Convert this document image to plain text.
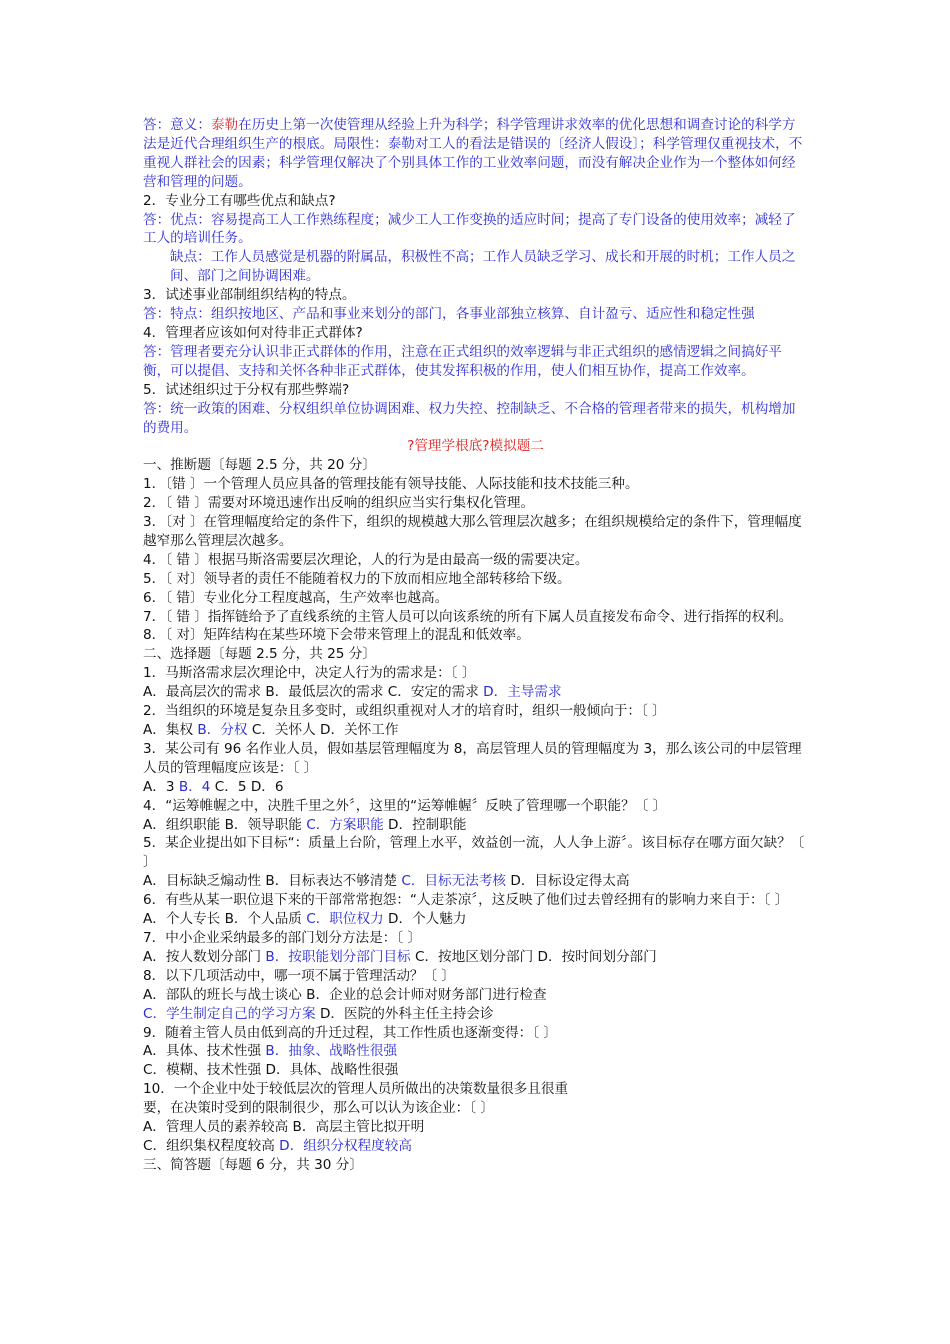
答：意义：泰勒在历史上第一次使管理从经验上升为科学；科学管理讲求效率的优化思想和调查讨论的科学方法是近代合理组织生产的根底。局限性：泰勒对工人的看法是错误的〔经济人假设〕；科学管理仅重视技术，不重视人群社会的因素；科学管理仅解决了个别具体工作的工业效率问题，而没有解决企业作为一个整体如何经营和管理的问题。

2．专业分工有哪些优点和缺点?

答：优点：容易提高工人工作熟练程度；减少工人工作变换的适应时间；提高了专门设备的使用效率；减轻了工人的培训任务。

缺点：工作人员感觉是机器的附属品，积极性不高；工作人员缺乏学习、成长和开展的时机；工作人员之间、部门之间协调困难。

3．试述事业部制组织结构的特点。

答：特点：组织按地区、产品和事业来划分的部门，各事业部独立核算、自计盈亏、适应性和稳定性强

4．管理者应该如何对待非正式群体?

答：管理者要充分认识非正式群体的作用，注意在正式组织的效率逻辑与非正式组织的感情逻辑之间搞好平衡，可以提倡、支持和关怀各种非正式群体，使其发挥积极的作用，使人们相互协作，提高工作效率。

5．试述组织过于分权有那些弊端?

答：统一政策的困难、分权组织单位协调困难、权力失控、控制缺乏、不合格的管理者带来的损失，机构增加的费用。

?管理学根底?模拟题二

一、推断题〔每题 2.5 分，共 20 分〕

1．〔错 〕一个管理人员应具备的管理技能有领导技能、人际技能和技术技能三种。

2．〔 错 〕需要对环境迅速作出反响的组织应当实行集权化管理。

3．〔对 〕在管理幅度给定的条件下，组织的规模越大那么管理层次越多；在组织规模给定的条件下，管理幅度越窄那么管理层次越多。

4．〔 错 〕根据马斯洛需要层次理论，人的行为是由最高一级的需要决定。

5．〔 对〕领导者的责任不能随着权力的下放而相应地全部转移给下级。

6．〔 错〕专业化分工程度越高，生产效率也越高。

7．〔 错 〕指挥链给予了直线系统的主管人员可以向该系统的所有下属人员直接发布命令、进行指挥的权利。

8．〔 对〕矩阵结构在某些环境下会带来管理上的混乱和低效率。

二、选择题〔每题 2.5 分，共 25 分〕

1．马斯洛需求层次理论中，决定人行为的需求是：〔 〕

A．最高层次的需求 B．最低层次的需求 C．安定的需求 D．主导需求

2．当组织的环境是复杂且多变时，或组织重视对人才的培育时，组织一般倾向于：〔 〕

A．集权 B．分权 C．关怀人 D．关怀工作

3．某公司有 96 名作业人员，假如基层管理幅度为 8，高层管理人员的管理幅度为 3，那么该公司的中层管理人员的管理幅度应该是：〔 〕

A．3 B．4 C．5 D．6

4．“运筹帷幄之中，决胜千里之外〞，这里的“运筹帷幄〞反映了管理哪一个职能？〔 〕

A．组织职能 B．领导职能 C．方案职能 D．控制职能

5．某企业提出如下目标“：质量上台阶，管理上水平，效益创一流，人人争上游〞。该目标存在哪方面欠缺？〔 〕

A．目标缺乏煽动性 B．目标表达不够清楚 C．目标无法考核 D．目标设定得太高

6．有些从某一职位退下来的干部常常抱怨：“人走茶凉〞，这反映了他们过去曾经拥有的影响力来自于：〔 〕

A．个人专长 B．个人品质 C．职位权力 D．个人魅力

7．中小企业采纳最多的部门划分方法是：〔 〕

A．按人数划分部门 B．按职能划分部门目标 C．按地区划分部门 D．按时间划分部门

8．以下几项活动中，哪一项不属于管理活动？〔 〕

A．部队的班长与战士谈心 B．企业的总会计师对财务部门进行检查

C．学生制定自己的学习方案 D．医院的外科主任主持会诊

9．随着主管人员由低到高的升迁过程，其工作性质也逐渐变得：〔 〕

A．具体、技术性强 B．抽象、战略性很强

C．模糊、技术性强 D．具体、战略性很强

10．一个企业中处于较低层次的管理人员所做出的决策数量很多且很重

要，在决策时受到的限制很少，那么可以认为该企业：〔 〕

A．管理人员的素养较高 B．高层主管比拟开明

C．组织集权程度较高 D．组织分权程度较高

三、简答题〔每题 6 分，共 30 分〕
